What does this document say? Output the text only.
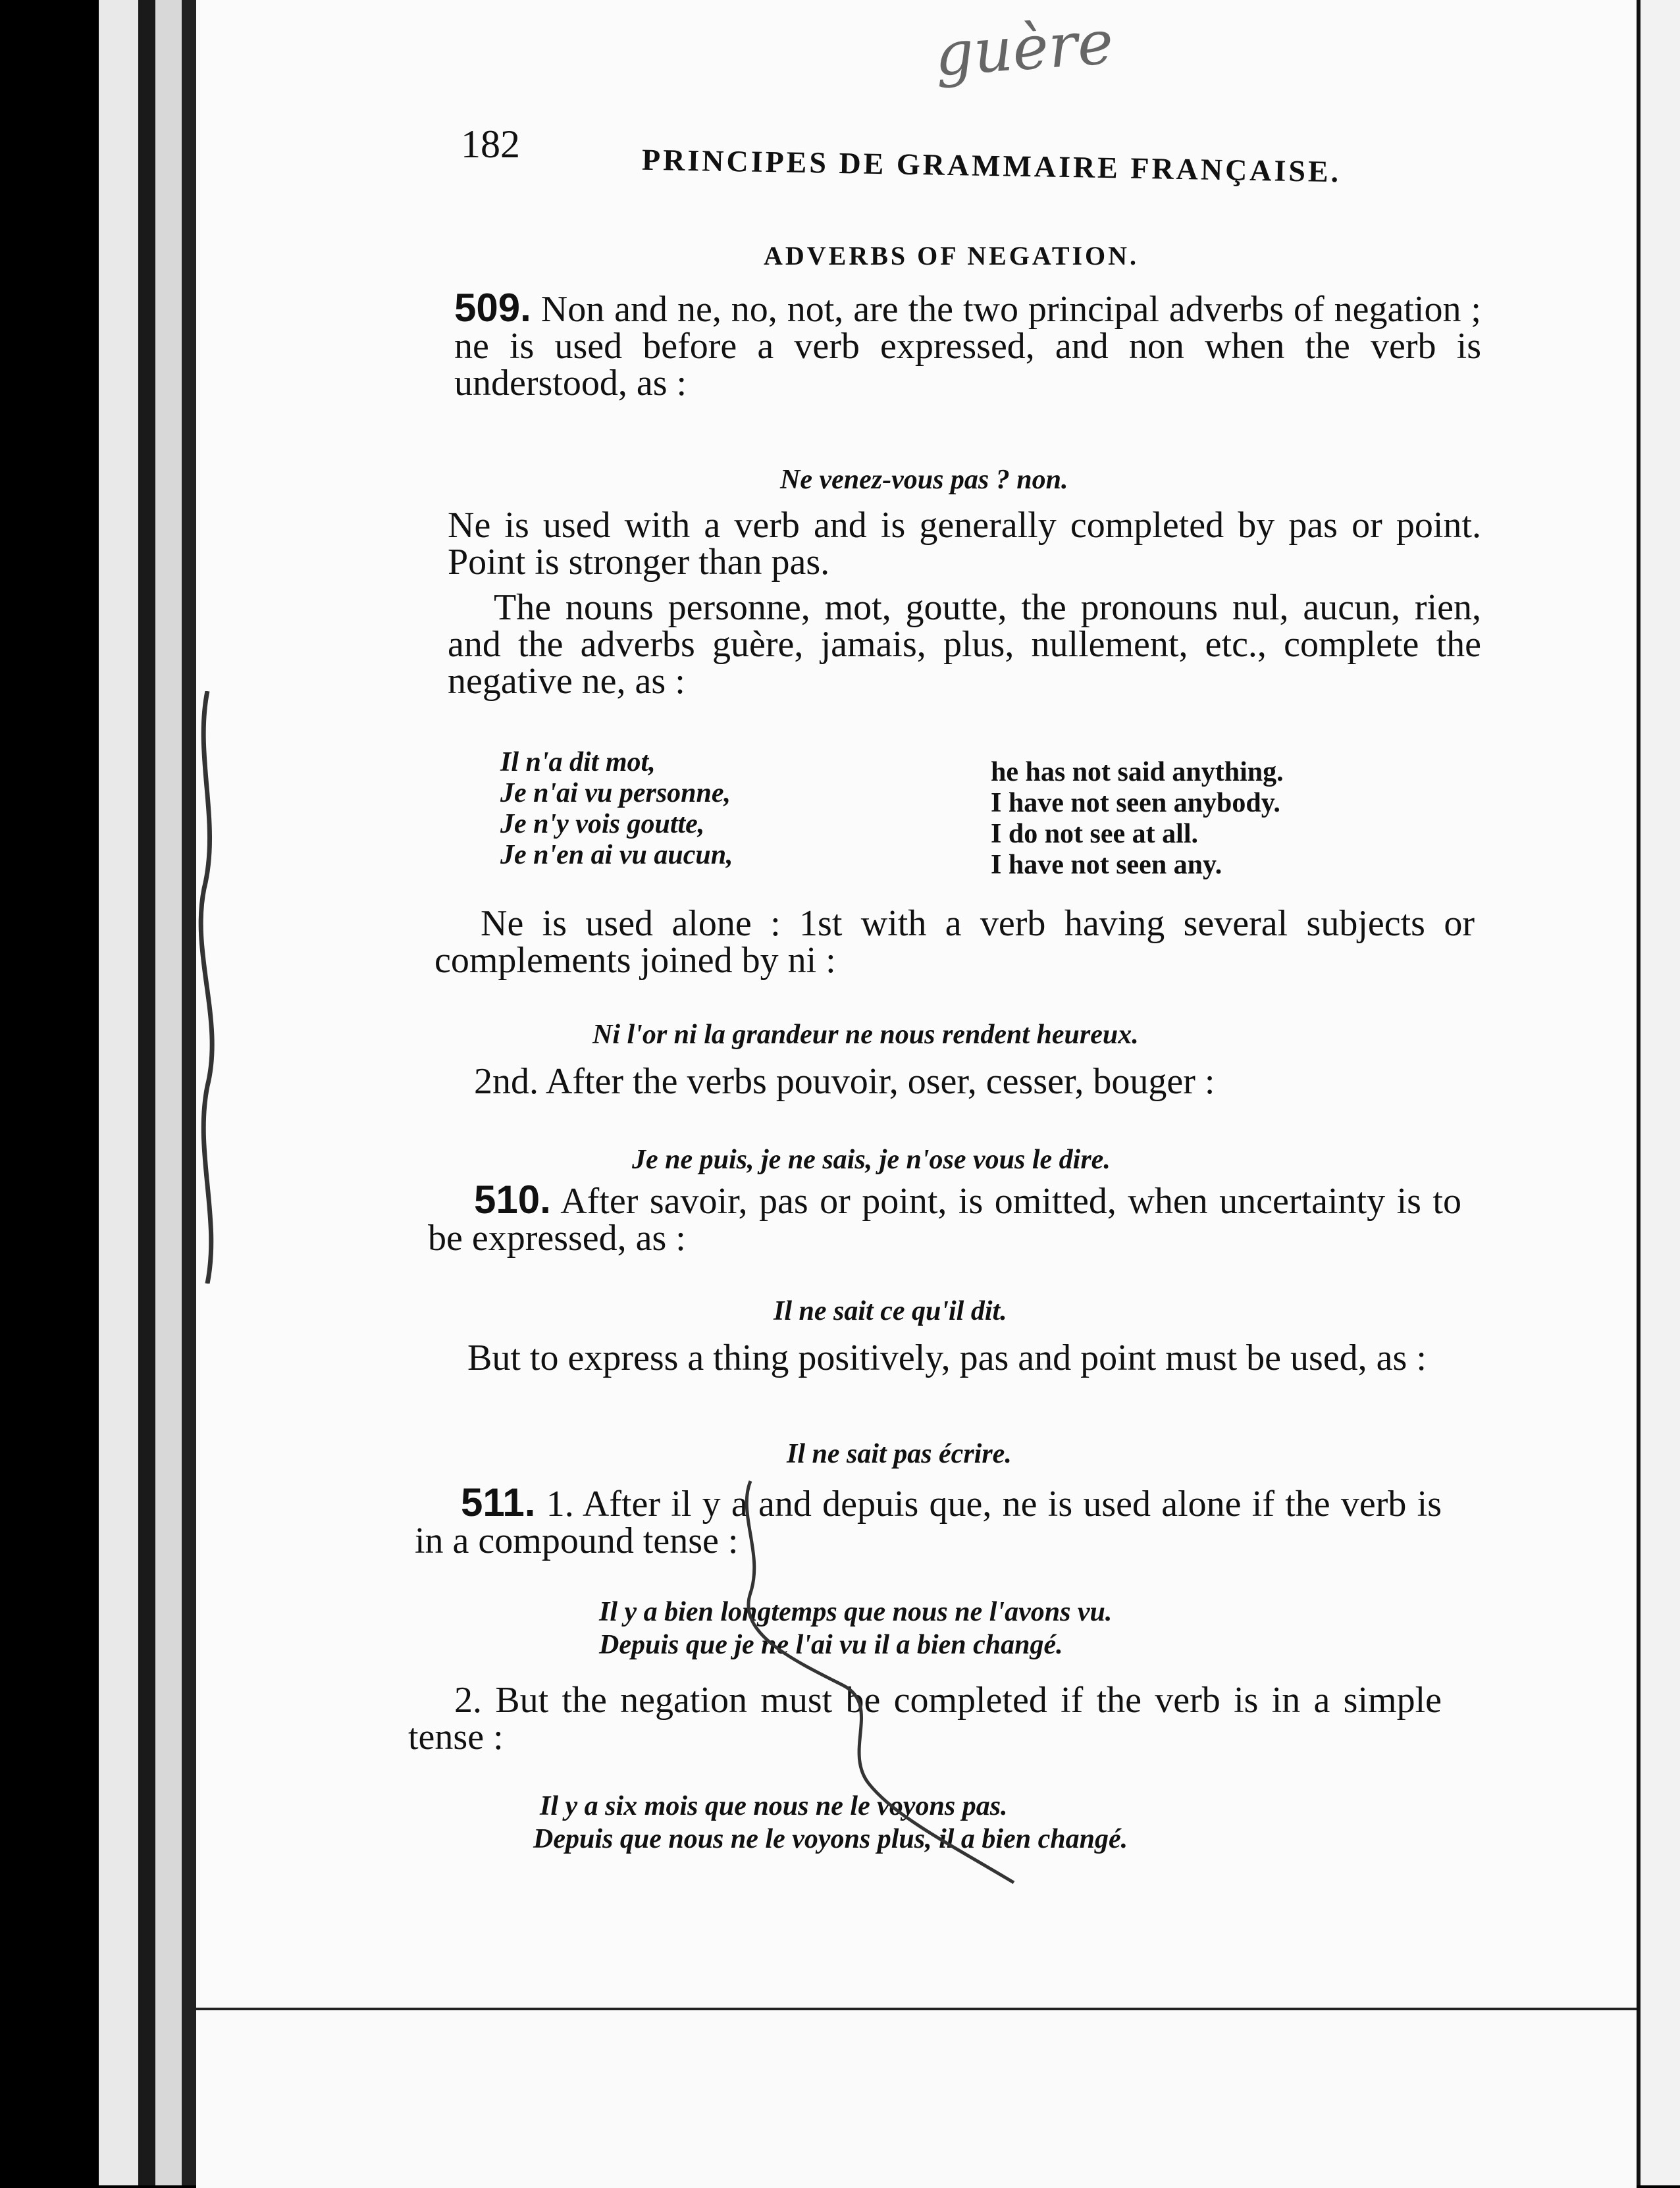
guère
182	PRINCIPES DE GRAMMAIRE FRANÇAISE.
ADVERBS OF NEGATION.
509. Non and ne, no, not, are the two principal adverbs of negation ; ne is used before a verb expressed, and non when the verb is understood, as :
Ne venez-vous pas ? non.
Ne is used with a verb and is generally completed by pas or point. Point is stronger than pas.
The nouns personne, mot, goutte, the pronouns nul, aucun, rien, and the adverbs guère, jamais, plus, nullement, etc., complete the negative ne, as :
Il n'a dit mot,
Je n'ai vu personne,
Je n'y vois goutte,
Je n'en ai vu aucun,
he has not said anything.
I have not seen anybody.
I do not see at all.
I have not seen any.
Ne is used alone : 1st with a verb having several subjects or complements joined by ni :
Ni l'or ni la grandeur ne nous rendent heureux.
2nd. After the verbs pouvoir, oser, cesser, bouger :
Je ne puis, je ne sais, je n'ose vous le dire.
510. After savoir, pas or point, is omitted, when uncertainty is to be expressed, as :
Il ne sait ce qu'il dit.
But to express a thing positively, pas and point must be used, as :
Il ne sait pas écrire.
511. 1. After il y a and depuis que, ne is used alone if the verb is in a compound tense :
Il y a bien longtemps que nous ne l'avons vu.
Depuis que je ne l'ai vu il a bien changé.
2. But the negation must be completed if the verb is in a simple tense :
Il y a six mois que nous ne le voyons pas.
Depuis que nous ne le voyons plus, il a bien changé.
